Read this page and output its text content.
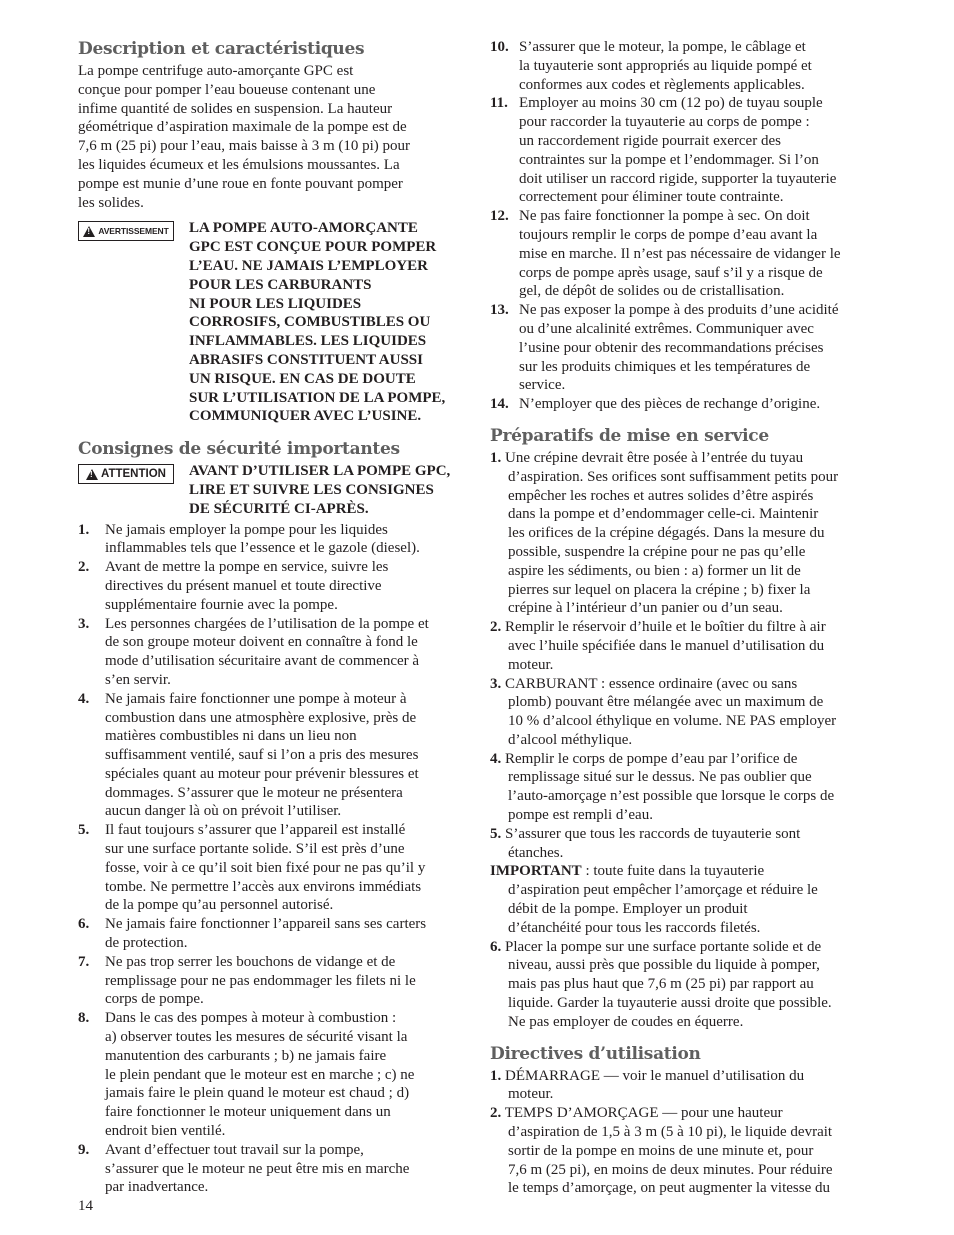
Description et caractéristiques

La pompe centrifuge auto-amorçante GPC est
conçue pour pomper l’eau boueuse contenant une
infime quantité de solides en suspension. La hauteur
géométrique d’aspiration maximale de la pompe est de
7,6 m (25 pi) pour l’eau, mais baisse à 3 m (10 pi) pour
les liquides écumeux et les émulsions moussantes. La
pompe est munie d’une roue en fonte pouvant pomper
les solides.

! AVERTISSEMENT LA POMPE AUTO-AMORÇANTE
GPC EST CONÇUE POUR POMPER
L’EAU. NE JAMAIS L’EMPLOYER
POUR LES CARBURANTS
NI POUR LES LIQUIDES
CORROSIFS, COMBUSTIBLES OU
INFLAMMABLES. LES LIQUIDES
ABRASIFS CONSTITUENT AUSSI
UN RISQUE. EN CAS DE DOUTE
SUR L’UTILISATION DE LA POMPE,
COMMUNIQUER AVEC L’USINE.

Consignes de sécurité importantes
! ATTENTION AVANT D’UTILISER LA POMPE GPC,
LIRE ET SUIVRE LES CONSIGNES
DE SÉCURITÉ CI-APRÈS.

1. Ne jamais employer la pompe pour les liquides
inflammables tels que l’essence et le gazole (diesel).
2. Avant de mettre la pompe en service, suivre les
directives du présent manuel et toute directive
supplémentaire fournie avec la pompe.
3. Les personnes chargées de l’utilisation de la pompe et
de son groupe moteur doivent en connaître à fond le
mode d’utilisation sécuritaire avant de commencer à
s’en servir.
4. Ne jamais faire fonctionner une pompe à moteur à
combustion dans une atmosphère explosive, près de
matières combustibles ni dans un lieu non
suffisamment ventilé, sauf si l’on a pris des mesures
spéciales quant au moteur pour prévenir blessures et
dommages. S’assurer que le moteur ne présentera
aucun danger là où on prévoit l’utiliser.
5. Il faut toujours s’assurer que l’appareil est installé
sur une surface portante solide. S’il est près d’une
fosse, voir à ce qu’il soit bien fixé pour ne pas qu’il y
tombe. Ne permettre l’accès aux environs immédiats
de la pompe qu’au personnel autorisé.
6. Ne jamais faire fonctionner l’appareil sans ses carters
de protection.
7. Ne pas trop serrer les bouchons de vidange et de
remplissage pour ne pas endommager les filets ni le
corps de pompe.
8. Dans le cas des pompes à moteur à combustion :
a) observer toutes les mesures de sécurité visant la
manutention des carburants ; b) ne jamais faire
le plein pendant que le moteur est en marche ; c) ne
jamais faire le plein quand le moteur est chaud ; d)
faire fonctionner le moteur uniquement dans un
endroit bien ventilé.
9. Avant d’effectuer tout travail sur la pompe,
s’assurer que le moteur ne peut être mis en marche
par inadvertance.
10. S’assurer que le moteur, la pompe, le câblage et
la tuyauterie sont appropriés au liquide pompé et
conformes aux codes et règlements applicables.
11. Employer au moins 30 cm (12 po) de tuyau souple
pour raccorder la tuyauterie au corps de pompe :
un raccordement rigide pourrait exercer des
contraintes sur la pompe et l’endommager. Si l’on
doit utiliser un raccord rigide, supporter la tuyauterie
correctement pour éliminer toute contrainte.
12. Ne pas faire fonctionner la pompe à sec. On doit
toujours remplir le corps de pompe d’eau avant la
mise en marche. Il n’est pas nécessaire de vidanger le
corps de pompe après usage, sauf s’il y a risque de
gel, de dépôt de solides ou de cristallisation.
13. Ne pas exposer la pompe à des produits d’une acidité
ou d’une alcalinité extrêmes. Communiquer avec
l’usine pour obtenir des recommandations précises
sur les produits chimiques et les températures de
service.
14. N’employer que des pièces de rechange d’origine.
Préparatifs de mise en service
1. Une crépine devrait être posée à l’entrée du tuyau
d’aspiration. Ses orifices sont suffisamment petits pour
empêcher les roches et autres solides d’être aspirés
dans la pompe et d’endommager celle-ci. Maintenir
les orifices de la crépine dégagés. Dans la mesure du
possible, suspendre la crépine pour ne pas qu’elle
aspire les sédiments, ou bien : a) former un lit de
pierres sur lequel on placera la crépine ; b) fixer la
crépine à l’intérieur d’un panier ou d’un seau.
2. Remplir le réservoir d’huile et le boîtier du filtre à air
avec l’huile spécifiée dans le manuel d’utilisation du
moteur.
3. CARBURANT : essence ordinaire (avec ou sans
plomb) pouvant être mélangée avec un maximum de
10 % d’alcool éthylique en volume. NE PAS employer
d’alcool méthylique.
4. Remplir le corps de pompe d’eau par l’orifice de
remplissage situé sur le dessus. Ne pas oublier que
l’auto-amorçage n’est possible que lorsque le corps de
pompe est rempli d’eau.
5. S’assurer que tous les raccords de tuyauterie sont
étanches.

IMPORTANT : toute fuite dans la tuyauterie
d’aspiration peut empêcher l’amorçage et réduire le
débit de la pompe. Employer un produit
d’étanchéité pour tous les raccords filetés.

6. Placer la pompe sur une surface portante solide et de
niveau, aussi près que possible du liquide à pomper,
mais pas plus haut que 7,6 m (25 pi) par rapport au
liquide. Garder la tuyauterie aussi droite que possible.
Ne pas employer de coudes en équerre.
Directives d’utilisation
1. DÉMARRAGE — voir le manuel d’utilisation du
moteur.
2. TEMPS D’AMORÇAGE — pour une hauteur
d’aspiration de 1,5 à 3 m (5 à 10 pi), le liquide devrait
sortir de la pompe en moins de une minute et, pour
7,6 m (25 pi), en moins de deux minutes. Pour réduire
le temps d’amorçage, on peut augmenter la vitesse du
14
